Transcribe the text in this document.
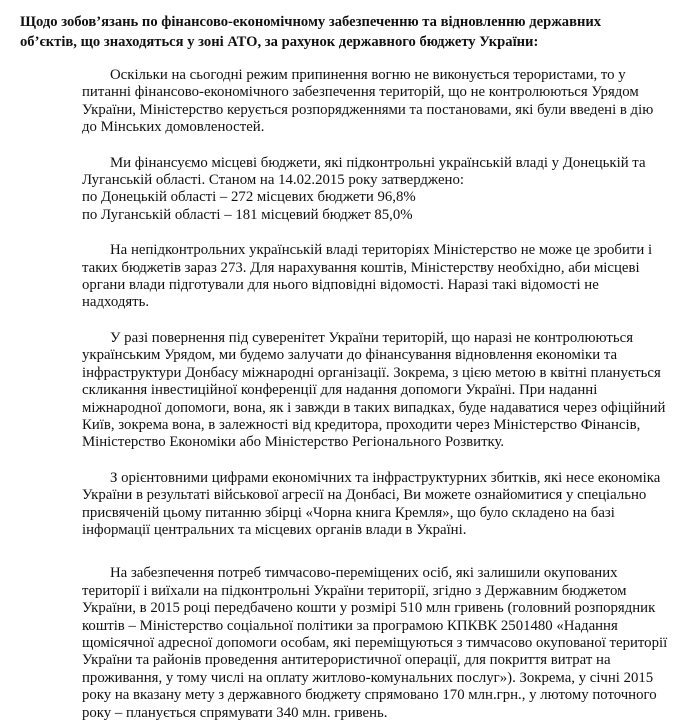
Щодо зобов’язань по фінансово-економічному забезпеченню та відновленню державних об’єктів, що знаходяться у зоні АТО, за рахунок державного бюджету України:

Оскільки на сьогодні режим припинення вогню не виконується терористами, то у питанні фінансово-економічного забезпечення територій, що не контролюються Урядом України, Міністерство керується розпорядженнями та постановами, які були введені в дію до Мінських домовленостей.

Ми фінансуємо місцеві бюджети, які підконтрольні українській владі у Донецькій та Луганській області. Станом на 14.02.2015 року затверджено:

по Донецькій області – 272 місцевих бюджети 96,8%
по Луганській області – 181 місцевий бюджет 85,0%

На непідконтрольних українській владі територіях Міністерство не може це зробити і таких бюджетів зараз 273. Для нарахування коштів, Міністерству необхідно, аби місцеві органи влади підготували для нього відповідні відомості. Наразі такі відомості не надходять.

У разі повернення під суверенітет України територій, що наразі не контролюються українським Урядом, ми будемо залучати до фінансування відновлення економіки та інфраструктури Донбасу міжнародні організації. Зокрема, з цією метою в квітні планується скликання інвестиційної конференції для надання допомоги Україні. При наданні міжнародної допомоги, вона, як і завжди в таких випадках, буде надаватися через офіційний Київ, зокрема вона, в залежності від кредитора, проходити через Міністерство Фінансів, Міністерство Економіки або Міністерство Регіонального Розвитку.

З орієнтовними цифрами економічних та інфраструктурних збитків, які несе економіка України в результаті військової агресії на Донбасі, Ви можете ознайомитися у спеціально присвяченій цьому питанню збірці «Чорна книга Кремля», що було складено на базі інформації центральних та місцевих органів влади в Україні.

На забезпечення потреб тимчасово-переміщених осіб, які залишили окупованих території і виїхали на підконтрольні України території, згідно з Державним бюджетом України, в 2015 році передбачено кошти у розмірі 510 млн гривень (головний розпорядник коштів – Міністерство соціальної політики за програмою КПКВК 2501480 «Надання щомісячної адресної допомоги особам, які переміщуються з тимчасово окупованої території України та районів проведення антитерористичної операції, для покриття витрат на проживання, у тому числі на оплату житлово-комунальних послуг»). Зокрема, у січні 2015 року на вказану мету з державного бюджету спрямовано 170 млн.грн., у лютому поточного року – планується спрямувати 340 млн. гривень.
